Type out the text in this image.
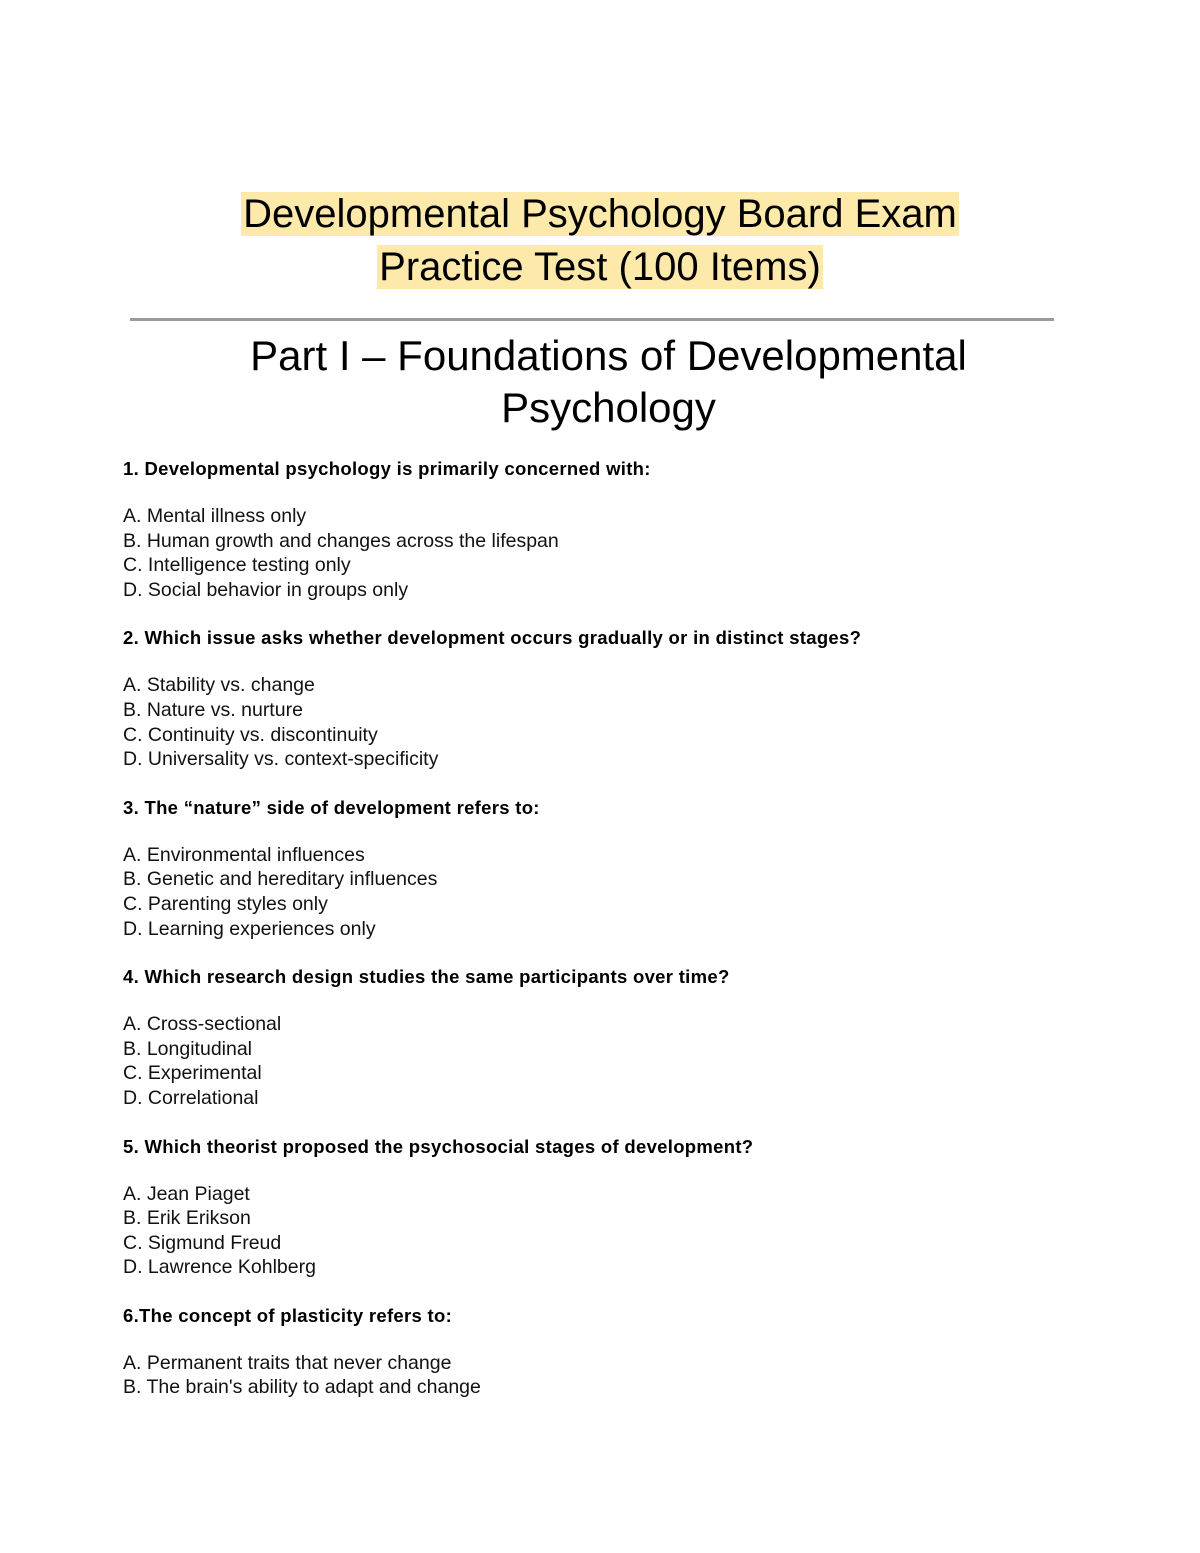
Developmental Psychology Board Exam
Practice Test (100 Items)
Part I – Foundations of Developmental
Psychology

1. Developmental psychology is primarily concerned with:

A. Mental illness only

B. Human growth and changes across the lifespan

C. Intelligence testing only

D. Social behavior in groups only

2. Which issue asks whether development occurs gradually or in distinct stages?

A. Stability vs. change

B. Nature vs. nurture

C. Continuity vs. discontinuity

D. Universality vs. context-specificity

3. The “nature” side of development refers to:

A. Environmental influences

B. Genetic and hereditary influences

C. Parenting styles only

D. Learning experiences only

4. Which research design studies the same participants over time?

A. Cross-sectional

B. Longitudinal

C. Experimental

D. Correlational

5. Which theorist proposed the psychosocial stages of development?

A. Jean Piaget

B. Erik Erikson

C. Sigmund Freud

D. Lawrence Kohlberg

6.The concept of plasticity refers to:

A. Permanent traits that never change

B. The brain's ability to adapt and change
